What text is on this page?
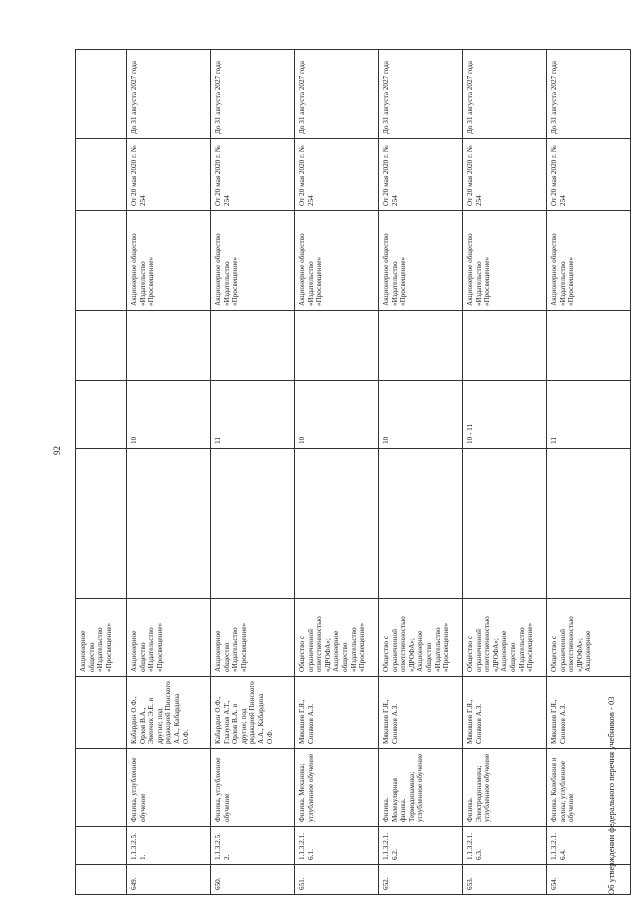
92
				Акционерное общество «Издательство «Просвещение»						
649.	1.1.3.2.5.1.	Физика, углубленное обучение	Кабардин О.Ф., Орлов В.А., Эвенчик Э.Е. и другие; под редакцией Пинского А.А., Кабардина О.Ф.	Акционерное общество «Издательство «Просвещение»		10		Акционерное общество «Издательство «Просвещение»	От 20 мая 2020 г. № 254	До 31 августа 2027 года
650.	1.1.3.2.5.2.	Физика, углубленное обучение	Кабардин О.Ф., Глазунов А.Т., Орлов В.А. и другие; под редакцией Пинского А.А., Кабардина О.Ф.	Акционерное общество «Издательство «Просвещение»		11		Акционерное общество «Издательство «Просвещение»	От 20 мая 2020 г. № 254	До 31 августа 2027 года
651.	1.1.3.2.1.6.1.	Физика. Механика; углубленное обучение	Мякишев Г.Я., Синяков А.З.	Общество с ограниченной ответственностью «ДРОФА»; Акционерное общество «Издательство «Просвещение»		10		Акционерное общество «Издательство «Просвещение»	От 20 мая 2020 г. № 254	До 31 августа 2027 года
652.	1.1.3.2.1.6.2.	Физика. Молекулярная физика. Термодинамика; углубленное обучение	Мякишев Г.Я., Синяков А.З.	Общество с ограниченной ответственностью «ДРОФА»; Акционерное общество «Издательство «Просвещение»		10		Акционерное общество «Издательство «Просвещение»	От 20 мая 2020 г. № 254	До 31 августа 2027 года
653.	1.1.3.2.1.6.3.	Физика. Электродинамика; углубленное обучение	Мякишев Г.Я., Синяков А.З.	Общество с ограниченной ответственностью «ДРОФА»; Акционерное общество «Издательство «Просвещение»		10 - 11		Акционерное общество «Издательство «Просвещение»	От 20 мая 2020 г. № 254	До 31 августа 2027 года
654.	1.1.3.2.1.6.4.	Физика. Колебания и волны; углубленное обучение	Мякишев Г.Я., Синяков А.З.	Общество с ограниченной ответственностью «ДРОФА»; Акционерное		11		Акционерное общество «Издательство «Просвещение»	От 20 мая 2020 г. № 254	До 31 августа 2027 года
Об утверждении федерального перечня учебников - 03
